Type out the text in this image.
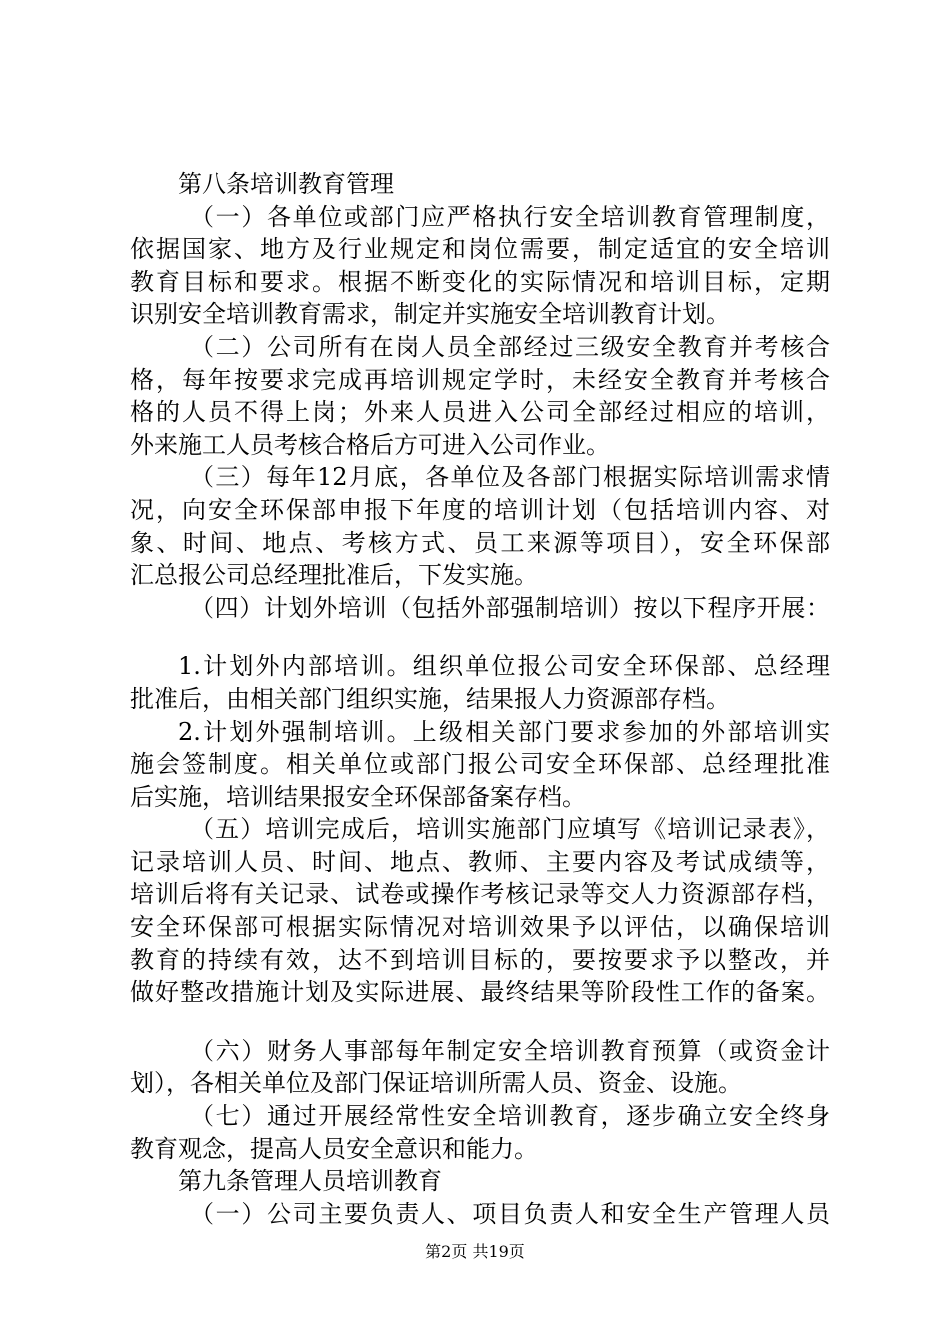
第八条培训教育管理
（一）各单位或部门应严格执行安全培训教育管理制度，
依据国家、地方及行业规定和岗位需要，制定适宜的安全培训
教育目标和要求。根据不断变化的实际情况和培训目标，定期
识别安全培训教育需求，制定并实施安全培训教育计划。
（二）公司所有在岗人员全部经过三级安全教育并考核合
格，每年按要求完成再培训规定学时，未经安全教育并考核合
格的人员不得上岗；外来人员进入公司全部经过相应的培训，
外来施工人员考核合格后方可进入公司作业。
（三）每年12月底，各单位及各部门根据实际培训需求情
况，向安全环保部申报下年度的培训计划（包括培训内容、对
象、时间、地点、考核方式、员工来源等项目），安全环保部
汇总报公司总经理批准后，下发实施。
（四）计划外培训（包括外部强制培训）按以下程序开展：
1.计划外内部培训。组织单位报公司安全环保部、总经理
批准后，由相关部门组织实施，结果报人力资源部存档。
2.计划外强制培训。上级相关部门要求参加的外部培训实
施会签制度。相关单位或部门报公司安全环保部、总经理批准
后实施，培训结果报安全环保部备案存档。
（五）培训完成后，培训实施部门应填写《培训记录表》，
记录培训人员、时间、地点、教师、主要内容及考试成绩等，
培训后将有关记录、试卷或操作考核记录等交人力资源部存档，
安全环保部可根据实际情况对培训效果予以评估，以确保培训
教育的持续有效，达不到培训目标的，要按要求予以整改，并
做好整改措施计划及实际进展、最终结果等阶段性工作的备案。
（六）财务人事部每年制定安全培训教育预算（或资金计
划），各相关单位及部门保证培训所需人员、资金、设施。
（七）通过开展经常性安全培训教育，逐步确立安全终身
教育观念，提高人员安全意识和能力。
第九条管理人员培训教育
（一）公司主要负责人、项目负责人和安全生产管理人员
第2页 共19页
